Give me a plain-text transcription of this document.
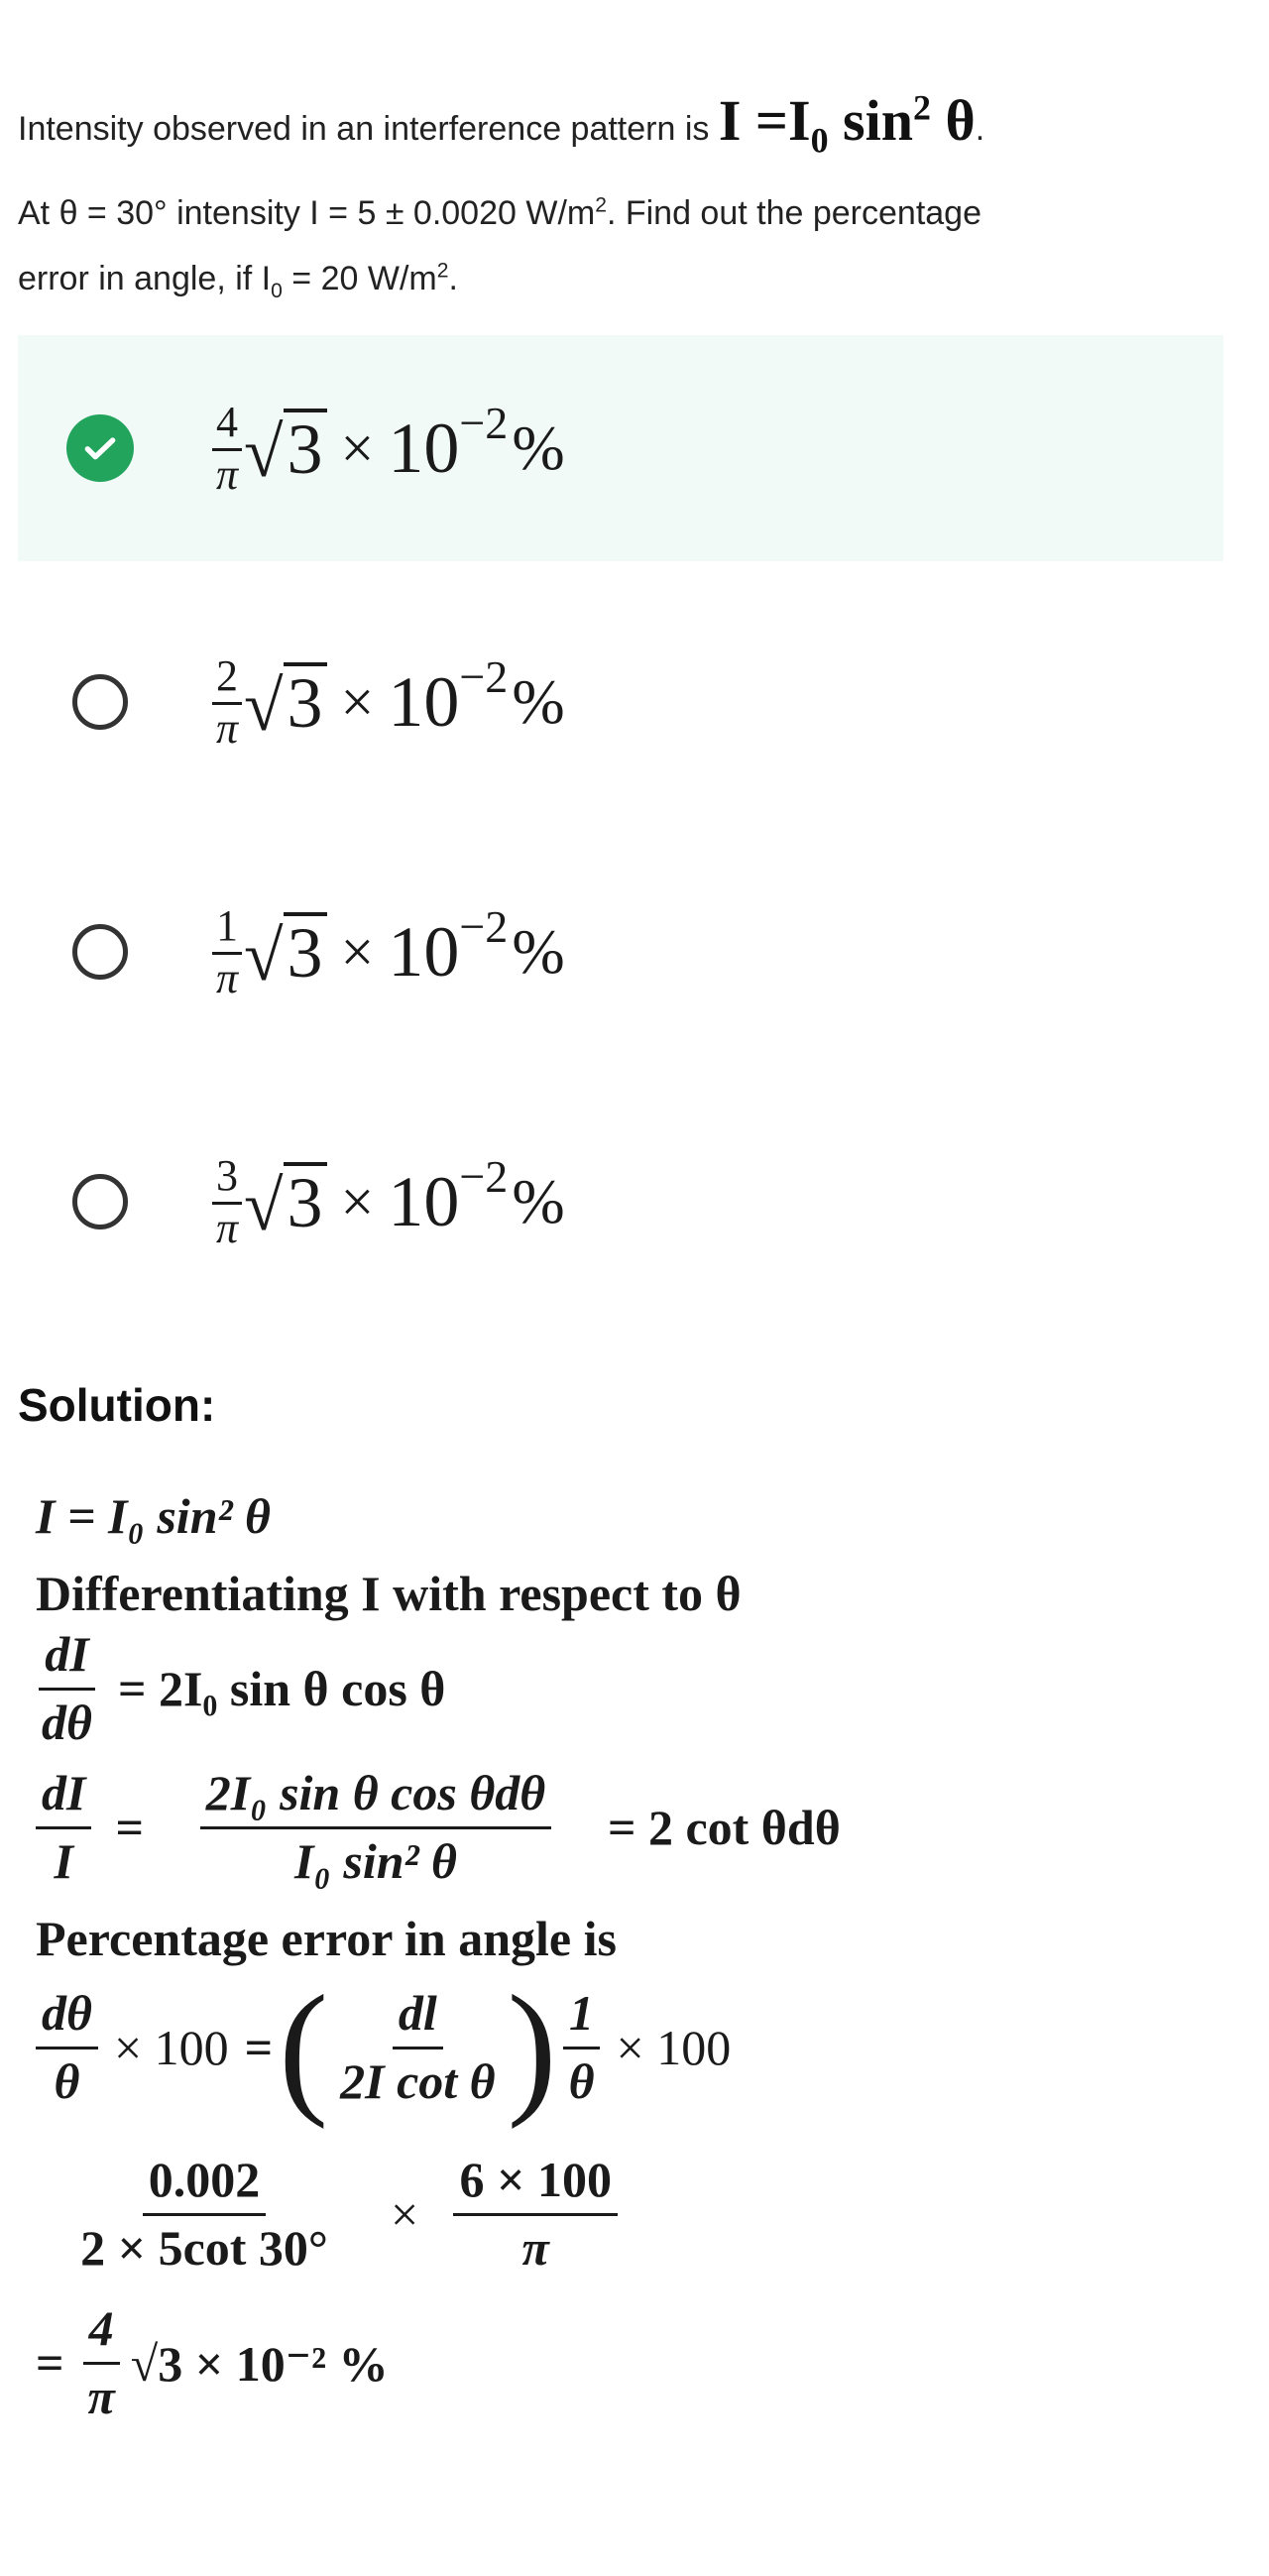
Intensity observed in an interference pattern is $I =I_0$ $\sin^2 \theta$.
At θ = 30° intensity I = 5 ± 0.0020 $W/m^2$. Find out the percentage
error in angle, if $I_0 = 20$ $W/m^2$.
$\frac{4}{\pi}$ √ 3 × 10 −2 %
$\frac{2}{\pi}$ √ 3 × 10 −2 %
$\frac{1}{\pi}$ √ 3 × 10 −2 %
$\frac{3}{\pi}$ √ 3 × 10 −2 %
Solution:
I = I₀ sin² θ
Differentiating I with respect to θ
$\frac{dI}{d\theta} = 2I_0$ sin θ cos θ
$\frac{dI}{I} = \frac{\text{2I₀ sin θ cos θdθ}}{\text{I₀ sin² θ}} = 2$ cot θdθ
Percentage error in angle is
$\frac{d\theta}{\theta} \times 100$ = ( $\frac{dl}{\text{2I cot θ}}$ ) $\frac{1}{\theta} \times 100$
$\frac{0.002}{2 \times 5\cot 30^\circ} \times \frac{6 \times 100}{\pi}$
= $\frac{4}{\pi} √3 \times 10^{-2}$ %
